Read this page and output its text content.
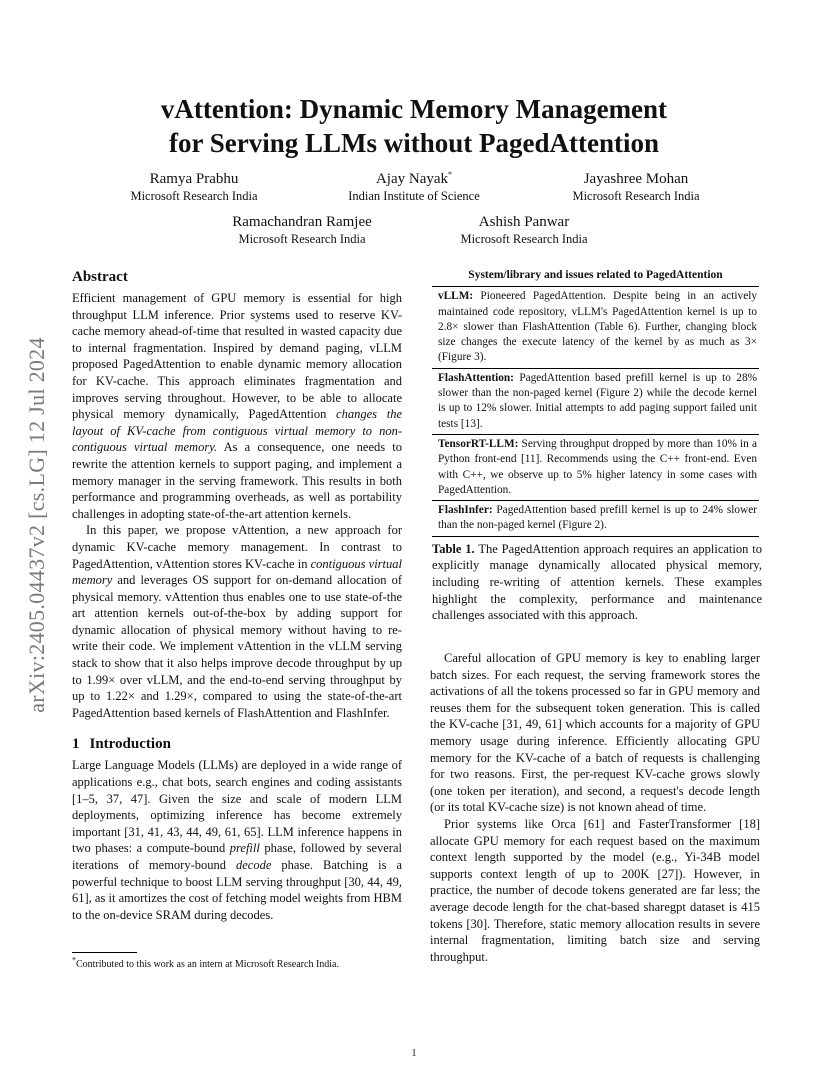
vAttention: Dynamic Memory Management
for Serving LLMs without PagedAttention
Ramya Prabhu
Microsoft Research India
Ajay Nayak*
Indian Institute of Science
Jayashree Mohan
Microsoft Research India
Ramachandran Ramjee
Microsoft Research India
Ashish Panwar
Microsoft Research India
arXiv:2405.04437v2 [cs.LG] 12 Jul 2024
Abstract

Efficient management of GPU memory is essential for high throughput LLM inference. Prior systems used to reserve KV-cache memory ahead-of-time that resulted in wasted capacity due to internal fragmentation. Inspired by demand paging, vLLM proposed PagedAttention to enable dynamic memory allocation for KV-cache. This approach eliminates fragmentation and improves serving throughout. However, to be able to allocate physical memory dynamically, PagedAttention changes the layout of KV-cache from contiguous virtual memory to non-contiguous virtual memory. As a consequence, one needs to rewrite the attention kernels to support paging, and implement a memory manager in the serving framework. This results in both performance and programming overheads, as well as portability challenges in adopting state-of-the-art attention kernels.

In this paper, we propose vAttention, a new approach for dynamic KV-cache memory management. In contrast to PagedAttention, vAttention stores KV-cache in contiguous virtual memory and leverages OS support for on-demand allocation of physical memory. vAttention thus enables one to use state-of-the art attention kernels out-of-the-box by adding support for dynamic allocation of physical memory without having to re-write their code. We implement vAttention in the vLLM serving stack to show that it also helps improve decode throughput by up to 1.99× over vLLM, and the end-to-end serving throughput by up to 1.22× and 1.29×, compared to using the state-of-the-art PagedAttention based kernels of FlashAttention and FlashInfer.

1 Introduction

Large Language Models (LLMs) are deployed in a wide range of applications e.g., chat bots, search engines and coding assistants [1–5, 37, 47]. Given the size and scale of modern LLM deployments, optimizing inference has become extremely important [31, 41, 43, 44, 49, 61, 65]. LLM inference happens in two phases: a compute-bound prefill phase, followed by several iterations of memory-bound decode phase. Batching is a powerful technique to boost LLM serving throughput [30, 44, 49, 61], as it amortizes the cost of fetching model weights from HBM to the on-device SRAM during decodes.

System/library and issues related to PagedAttention
vLLM: Pioneered PagedAttention. Despite being in an actively maintained code repository, vLLM's PagedAttention kernel is up to 2.8× slower than FlashAttention (Table 6). Further, changing block size changes the execute latency of the kernel by as much as 3× (Figure 3).
FlashAttention: PagedAttention based prefill kernel is up to 28% slower than the non-paged kernel (Figure 2) while the decode kernel is up to 12% slower. Initial attempts to add paging support failed unit tests [13].
TensorRT-LLM: Serving throughput dropped by more than 10% in a Python front-end [11]. Recommends using the C++ front-end. Even with C++, we observe up to 5% higher latency in some cases with PagedAttention.
FlashInfer: PagedAttention based prefill kernel is up to 24% slower than the non-paged kernel (Figure 2).
Table 1. The PagedAttention approach requires an application to explicitly manage dynamically allocated physical memory, including re-writing of attention kernels. These examples highlight the complexity, performance and maintenance challenges associated with this approach.

Careful allocation of GPU memory is key to enabling larger batch sizes. For each request, the serving framework stores the activations of all the tokens processed so far in GPU memory and reuses them for the subsequent token generation. This is called the KV-cache [31, 49, 61] which accounts for a majority of GPU memory usage during inference. Efficiently allocating GPU memory for the KV-cache of a batch of requests is challenging for two reasons. First, the per-request KV-cache grows slowly (one token per iteration), and second, a request's decode length (or its total KV-cache size) is not known ahead of time.

Prior systems like Orca [61] and FasterTransformer [18] allocate GPU memory for each request based on the maximum context length supported by the model (e.g., Yi-34B model supports context length of up to 200K [27]). However, in practice, the number of decode tokens generated are far less; the average decode length for the chat-based sharegpt dataset is 415 tokens [30]. Therefore, static memory allocation results in severe internal fragmentation, limiting batch size and serving throughput.

*Contributed to this work as an intern at Microsoft Research India.
1
